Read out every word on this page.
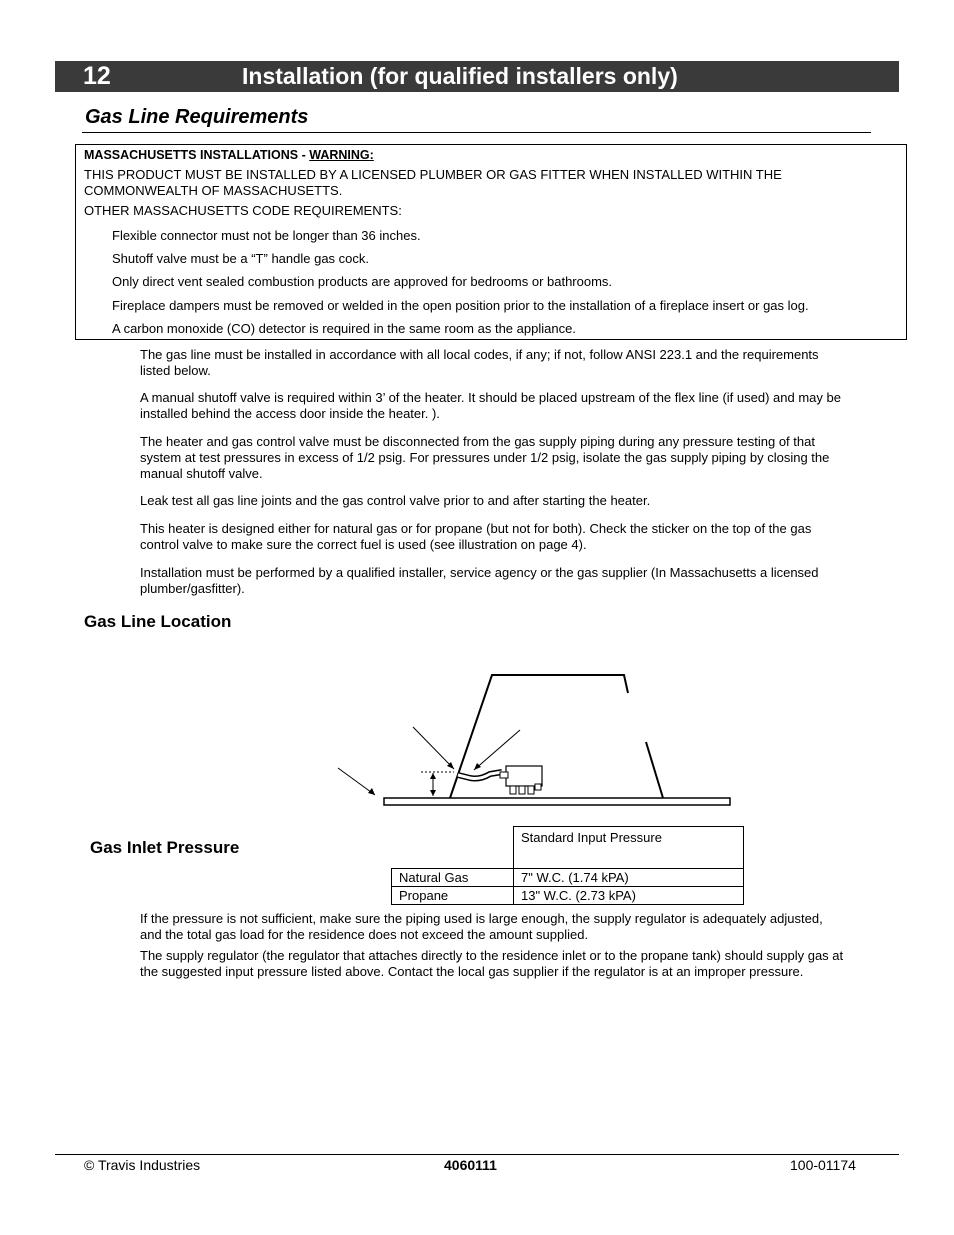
12	Installation (for qualified installers only)
Gas Line Requirements
MASSACHUSETTS INSTALLATIONS - WARNING:
THIS PRODUCT MUST BE INSTALLED BY A LICENSED PLUMBER OR GAS FITTER WHEN INSTALLED WITHIN THE COMMONWEALTH OF MASSACHUSETTS.
OTHER MASSACHUSETTS CODE REQUIREMENTS:
Flexible connector must not be longer than 36 inches.
Shutoff valve must be a “T” handle gas cock.
Only direct vent sealed combustion products are approved for bedrooms or bathrooms.
Fireplace dampers must be removed or welded in the open position prior to the installation of a fireplace insert or gas log.
A carbon monoxide (CO) detector is required in the same room as the appliance.
The gas line must be installed in accordance with all local codes, if any; if not, follow ANSI 223.1 and the requirements listed below.
A manual shutoff valve is required within 3’ of the heater. It should be placed upstream of the flex line (if used) and may be installed behind the access door inside the heater. ).
The heater and gas control valve must be disconnected from the gas supply piping during any pressure testing of that system at test pressures in excess of 1/2 psig. For pressures under 1/2 psig, isolate the gas supply piping by closing the manual shutoff valve.
Leak test all gas line joints and the gas control valve prior to and after starting the heater.
This heater is designed either for natural gas or for propane (but not for both). Check the sticker on the top of the gas control valve to make sure the correct fuel is used (see illustration on page 4).
Installation must be performed by a qualified installer, service agency or the gas supplier (In Massachusetts a licensed plumber/gasfitter).
Gas Line Location
Gas Inlet Pressure
	Standard Input Pressure
Natural Gas	7" W.C. (1.74 kPA)
Propane	13" W.C. (2.73 kPA)
If the pressure is not sufficient, make sure the piping used is large enough, the supply regulator is adequately adjusted, and the total gas load for the residence does not exceed the amount supplied.
The supply regulator (the regulator that attaches directly to the residence inlet or to the propane tank) should supply gas at the suggested input pressure listed above. Contact the local gas supplier if the regulator is at an improper pressure.
© Travis Industries	4060111	100-01174
